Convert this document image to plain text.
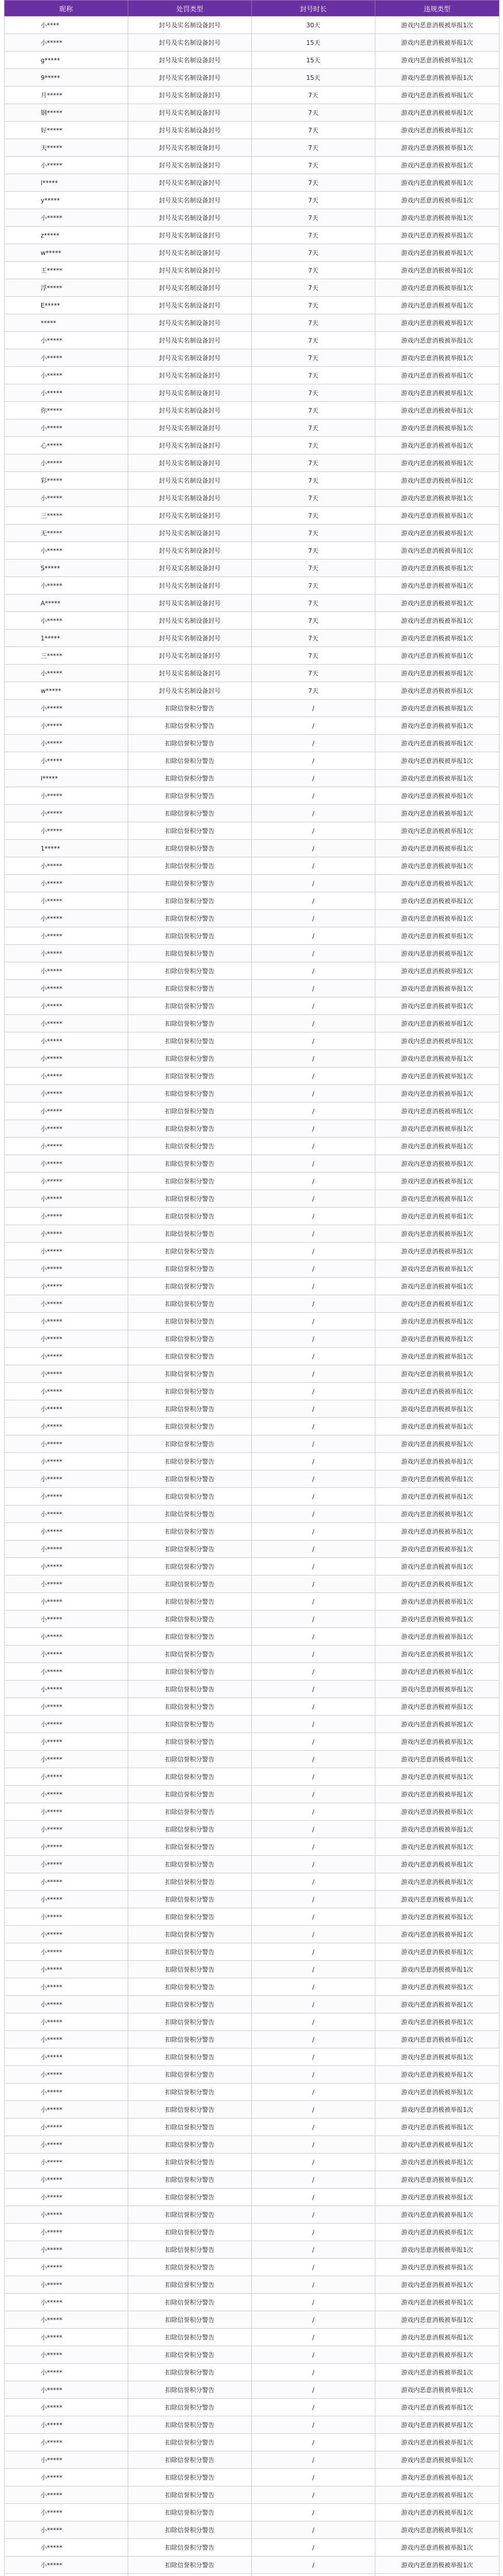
昵称	处罚类型	封号时长	违规类型
小****	封号及实名制设备封号	30天	游戏内恶意消极被举报1次
小*****	封号及实名制设备封号	15天	游戏内恶意消极被举报1次
g*****	封号及实名制设备封号	15天	游戏内恶意消极被举报1次
9*****	封号及实名制设备封号	15天	游戏内恶意消极被举报1次
月*****	封号及实名制设备封号	7天	游戏内恶意消极被举报1次
钢*****	封号及实名制设备封号	7天	游戏内恶意消极被举报1次
好*****	封号及实名制设备封号	7天	游戏内恶意消极被举报1次
天*****	封号及实名制设备封号	7天	游戏内恶意消极被举报1次
小*****	封号及实名制设备封号	7天	游戏内恶意消极被举报1次
l*****	封号及实名制设备封号	7天	游戏内恶意消极被举报1次
y*****	封号及实名制设备封号	7天	游戏内恶意消极被举报1次
小*****	封号及实名制设备封号	7天	游戏内恶意消极被举报1次
z*****	封号及实名制设备封号	7天	游戏内恶意消极被举报1次
w*****	封号及实名制设备封号	7天	游戏内恶意消极被举报1次
王*****	封号及实名制设备封号	7天	游戏内恶意消极被举报1次
浮*****	封号及实名制设备封号	7天	游戏内恶意消极被举报1次
E*****	封号及实名制设备封号	7天	游戏内恶意消极被举报1次
*****	封号及实名制设备封号	7天	游戏内恶意消极被举报1次
小*****	封号及实名制设备封号	7天	游戏内恶意消极被举报1次
小*****	封号及实名制设备封号	7天	游戏内恶意消极被举报1次
小*****	封号及实名制设备封号	7天	游戏内恶意消极被举报1次
小*****	封号及实名制设备封号	7天	游戏内恶意消极被举报1次
你*****	封号及实名制设备封号	7天	游戏内恶意消极被举报1次
小*****	封号及实名制设备封号	7天	游戏内恶意消极被举报1次
心*****	封号及实名制设备封号	7天	游戏内恶意消极被举报1次
小*****	封号及实名制设备封号	7天	游戏内恶意消极被举报1次
彩*****	封号及实名制设备封号	7天	游戏内恶意消极被举报1次
小*****	封号及实名制设备封号	7天	游戏内恶意消极被举报1次
三*****	封号及实名制设备封号	7天	游戏内恶意消极被举报1次
无*****	封号及实名制设备封号	7天	游戏内恶意消极被举报1次
小*****	封号及实名制设备封号	7天	游戏内恶意消极被举报1次
S*****	封号及实名制设备封号	7天	游戏内恶意消极被举报1次
小*****	封号及实名制设备封号	7天	游戏内恶意消极被举报1次
A*****	封号及实名制设备封号	7天	游戏内恶意消极被举报1次
小*****	封号及实名制设备封号	7天	游戏内恶意消极被举报1次
1*****	封号及实名制设备封号	7天	游戏内恶意消极被举报1次
三*****	封号及实名制设备封号	7天	游戏内恶意消极被举报1次
小*****	封号及实名制设备封号	7天	游戏内恶意消极被举报1次
w*****	封号及实名制设备封号	7天	游戏内恶意消极被举报1次
小*****	扣除信誉积分警告	/	游戏内恶意消极被举报1次
小*****	扣除信誉积分警告	/	游戏内恶意消极被举报1次
小*****	扣除信誉积分警告	/	游戏内恶意消极被举报1次
小*****	扣除信誉积分警告	/	游戏内恶意消极被举报1次
I*****	扣除信誉积分警告	/	游戏内恶意消极被举报1次
小*****	扣除信誉积分警告	/	游戏内恶意消极被举报1次
小*****	扣除信誉积分警告	/	游戏内恶意消极被举报1次
小*****	扣除信誉积分警告	/	游戏内恶意消极被举报1次
1*****	扣除信誉积分警告	/	游戏内恶意消极被举报1次
小*****	扣除信誉积分警告	/	游戏内恶意消极被举报1次
小*****	扣除信誉积分警告	/	游戏内恶意消极被举报1次
小*****	扣除信誉积分警告	/	游戏内恶意消极被举报1次
小*****	扣除信誉积分警告	/	游戏内恶意消极被举报1次
小*****	扣除信誉积分警告	/	游戏内恶意消极被举报1次
小*****	扣除信誉积分警告	/	游戏内恶意消极被举报1次
小*****	扣除信誉积分警告	/	游戏内恶意消极被举报1次
小*****	扣除信誉积分警告	/	游戏内恶意消极被举报1次
小*****	扣除信誉积分警告	/	游戏内恶意消极被举报1次
小*****	扣除信誉积分警告	/	游戏内恶意消极被举报1次
小*****	扣除信誉积分警告	/	游戏内恶意消极被举报1次
小*****	扣除信誉积分警告	/	游戏内恶意消极被举报1次
小*****	扣除信誉积分警告	/	游戏内恶意消极被举报1次
小*****	扣除信誉积分警告	/	游戏内恶意消极被举报1次
小*****	扣除信誉积分警告	/	游戏内恶意消极被举报1次
小*****	扣除信誉积分警告	/	游戏内恶意消极被举报1次
小*****	扣除信誉积分警告	/	游戏内恶意消极被举报1次
小*****	扣除信誉积分警告	/	游戏内恶意消极被举报1次
小*****	扣除信誉积分警告	/	游戏内恶意消极被举报1次
小*****	扣除信誉积分警告	/	游戏内恶意消极被举报1次
小*****	扣除信誉积分警告	/	游戏内恶意消极被举报1次
小*****	扣除信誉积分警告	/	游戏内恶意消极被举报1次
小*****	扣除信誉积分警告	/	游戏内恶意消极被举报1次
小*****	扣除信誉积分警告	/	游戏内恶意消极被举报1次
小*****	扣除信誉积分警告	/	游戏内恶意消极被举报1次
小*****	扣除信誉积分警告	/	游戏内恶意消极被举报1次
小*****	扣除信誉积分警告	/	游戏内恶意消极被举报1次
小*****	扣除信誉积分警告	/	游戏内恶意消极被举报1次
小*****	扣除信誉积分警告	/	游戏内恶意消极被举报1次
小*****	扣除信誉积分警告	/	游戏内恶意消极被举报1次
小*****	扣除信誉积分警告	/	游戏内恶意消极被举报1次
小*****	扣除信誉积分警告	/	游戏内恶意消极被举报1次
小*****	扣除信誉积分警告	/	游戏内恶意消极被举报1次
小*****	扣除信誉积分警告	/	游戏内恶意消极被举报1次
小*****	扣除信誉积分警告	/	游戏内恶意消极被举报1次
小*****	扣除信誉积分警告	/	游戏内恶意消极被举报1次
小*****	扣除信誉积分警告	/	游戏内恶意消极被举报1次
小*****	扣除信誉积分警告	/	游戏内恶意消极被举报1次
小*****	扣除信誉积分警告	/	游戏内恶意消极被举报1次
小*****	扣除信誉积分警告	/	游戏内恶意消极被举报1次
小*****	扣除信誉积分警告	/	游戏内恶意消极被举报1次
小*****	扣除信誉积分警告	/	游戏内恶意消极被举报1次
小*****	扣除信誉积分警告	/	游戏内恶意消极被举报1次
小*****	扣除信誉积分警告	/	游戏内恶意消极被举报1次
小*****	扣除信誉积分警告	/	游戏内恶意消极被举报1次
小*****	扣除信誉积分警告	/	游戏内恶意消极被举报1次
小*****	扣除信誉积分警告	/	游戏内恶意消极被举报1次
小*****	扣除信誉积分警告	/	游戏内恶意消极被举报1次
小*****	扣除信誉积分警告	/	游戏内恶意消极被举报1次
小*****	扣除信誉积分警告	/	游戏内恶意消极被举报1次
小*****	扣除信誉积分警告	/	游戏内恶意消极被举报1次
小*****	扣除信誉积分警告	/	游戏内恶意消极被举报1次
小*****	扣除信誉积分警告	/	游戏内恶意消极被举报1次
小*****	扣除信誉积分警告	/	游戏内恶意消极被举报1次
小*****	扣除信誉积分警告	/	游戏内恶意消极被举报1次
小*****	扣除信誉积分警告	/	游戏内恶意消极被举报1次
小*****	扣除信誉积分警告	/	游戏内恶意消极被举报1次
小*****	扣除信誉积分警告	/	游戏内恶意消极被举报1次
小*****	扣除信誉积分警告	/	游戏内恶意消极被举报1次
小*****	扣除信誉积分警告	/	游戏内恶意消极被举报1次
小*****	扣除信誉积分警告	/	游戏内恶意消极被举报1次
小*****	扣除信誉积分警告	/	游戏内恶意消极被举报1次
小*****	扣除信誉积分警告	/	游戏内恶意消极被举报1次
小*****	扣除信誉积分警告	/	游戏内恶意消极被举报1次
小*****	扣除信誉积分警告	/	游戏内恶意消极被举报1次
小*****	扣除信誉积分警告	/	游戏内恶意消极被举报1次
小*****	扣除信誉积分警告	/	游戏内恶意消极被举报1次
小*****	扣除信誉积分警告	/	游戏内恶意消极被举报1次
小*****	扣除信誉积分警告	/	游戏内恶意消极被举报1次
小*****	扣除信誉积分警告	/	游戏内恶意消极被举报1次
小*****	扣除信誉积分警告	/	游戏内恶意消极被举报1次
小*****	扣除信誉积分警告	/	游戏内恶意消极被举报1次
小*****	扣除信誉积分警告	/	游戏内恶意消极被举报1次
小*****	扣除信誉积分警告	/	游戏内恶意消极被举报1次
小*****	扣除信誉积分警告	/	游戏内恶意消极被举报1次
小*****	扣除信誉积分警告	/	游戏内恶意消极被举报1次
小*****	扣除信誉积分警告	/	游戏内恶意消极被举报1次
小*****	扣除信誉积分警告	/	游戏内恶意消极被举报1次
小*****	扣除信誉积分警告	/	游戏内恶意消极被举报1次
小*****	扣除信誉积分警告	/	游戏内恶意消极被举报1次
小*****	扣除信誉积分警告	/	游戏内恶意消极被举报1次
小*****	扣除信誉积分警告	/	游戏内恶意消极被举报1次
小*****	扣除信誉积分警告	/	游戏内恶意消极被举报1次
小*****	扣除信誉积分警告	/	游戏内恶意消极被举报1次
小*****	扣除信誉积分警告	/	游戏内恶意消极被举报1次
小*****	扣除信誉积分警告	/	游戏内恶意消极被举报1次
小*****	扣除信誉积分警告	/	游戏内恶意消极被举报1次
小*****	扣除信誉积分警告	/	游戏内恶意消极被举报1次
小*****	扣除信誉积分警告	/	游戏内恶意消极被举报1次
小*****	扣除信誉积分警告	/	游戏内恶意消极被举报1次
小*****	扣除信誉积分警告	/	游戏内恶意消极被举报1次
小*****	扣除信誉积分警告	/	游戏内恶意消极被举报1次
小*****	扣除信誉积分警告	/	游戏内恶意消极被举报1次
小*****	扣除信誉积分警告	/	游戏内恶意消极被举报1次
小*****	扣除信誉积分警告	/	游戏内恶意消极被举报1次
小*****	扣除信誉积分警告	/	游戏内恶意消极被举报1次
小*****	扣除信誉积分警告	/	游戏内恶意消极被举报1次
小*****	扣除信誉积分警告	/	游戏内恶意消极被举报1次
